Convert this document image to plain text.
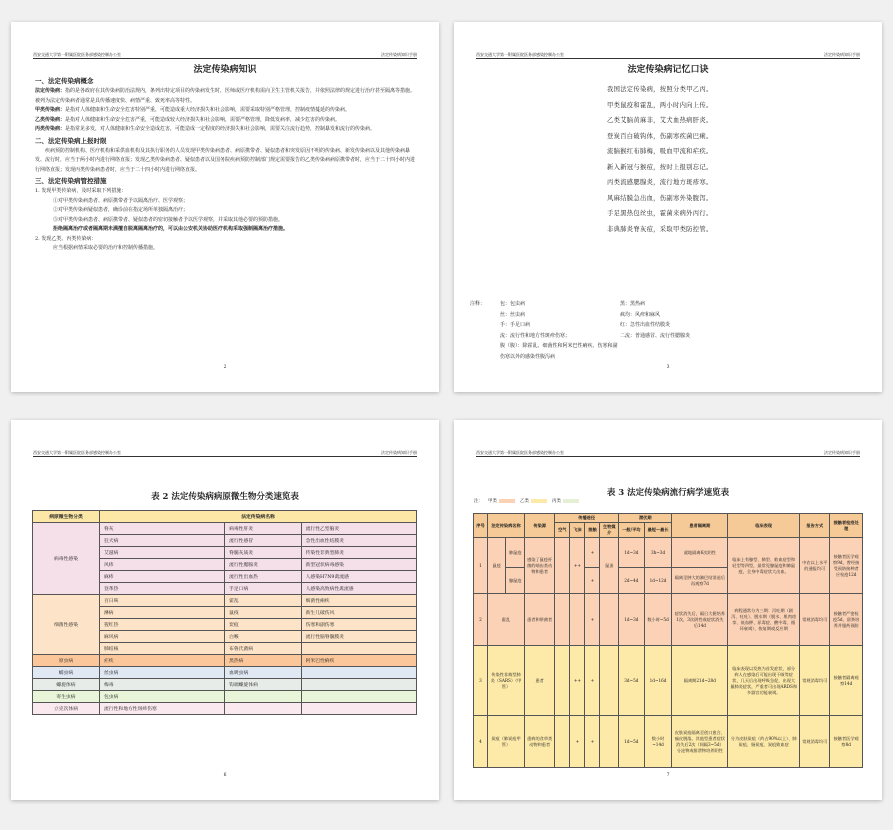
西安交通大学第一附属医院医务部感染控制办公室	法定传染病知识手册
法定传染病知识
一、法定传染病概念
法定传染病：指的是各政府在其传染病防治法规内，条列出特定项目的传染病发生时，医师或医疗机构需向卫生主管机关报告，并依照法律的规定进行治疗甚至隔离等措施。被列为法定传染病者通常是具传播速度快、病情严重、致死率高等特性。
甲类传染病：是指对人体健康和生命安全危害特别严重，可能造成重大经济损失和社会影响，需要采取特别严格管理，控制疫情蔓延的传染病。
乙类传染病：是指对人体健康和生命安全危害严重，可能造成较大经济损失和社会影响，需要严格管理，降低发病率，减少危害的传染病。
丙类传染病：是指常见多发，对人体健康和生命安全造成危害，可能造成一定程度的经济损失和社会影响，需要关注流行趋势，控制暴发和流行的传染病。
二、法定传染病上报时限
疾病预防控制机构、医疗机构和采供血机构及其执行职务的人员发现甲类传染病患者、病原携带者、疑似患者和突发原因不明的传染病、新发传染病以及其他传染病暴发、流行时，应当于两小时内进行网络直报；发现乙类传染病患者、疑似患者以及国务院疾病预防控制部门规定需要报告的乙类传染病病原携带者时，应当于二十四小时内进行网络直报；发现丙类传染病患者时，应当于二十四小时内进行网络直报。
三、法定传染病管控措施
1. 发现甲类传染病，及时采取下列措施：
①对甲类传染病患者、病原携带者予以隔离治疗、医学观察；
②对甲类传染病疑似患者，确诊前在指定场所单独隔离治疗；
③对甲类传染病患者、病原携带者、疑似患者的密切接触者予以医学观察，并采取其他必要的预防措施。
拒绝隔离治疗或者隔离期未满擅自脱离隔离治疗的，可以由公安机关协助医疗机构采取强制隔离治疗措施。
2. 发现乙类、丙类传染病：
应当根据病情采取必要的治疗和控制传播措施。
2
西安交通大学第一附属医院医务部感染控制办公室	法定传染病知识手册
法定传染病记忆口诀
我国法定传染病，按照分类甲乙丙。
甲类鼠疫和霍乱，两小时内向上传。
乙类艾脑黄麻非，艾犬血热病肝炎。
登炭百白破钩体，伤副寒疾菌巴痢。
流脑猴红布肺梅，吸血甲流和疟疾。
新入新冠与猴痘，按时上报别忘记。
丙类流感腮腺炎，流行地方斑疹寒。
风麻结膜急出血，伤副寒外染腹泻。
手足黑热包丝虫，霍菌来病外丙行。
非典肺炎脊灰痘，采取甲类防控管。
注释：	包：包虫病	黑：黑热病
丝：丝虫病	疯均：风疹和麻风
手：手足口病	红：急性出血性结膜炎
流：流行性和地方性斑疹伤寒；	二流：普通感冒、流行性腮腺炎
腹（腹）：除霍乱、细菌性和阿米巴性痢疾、伤寒和副伤寒以外的感染性腹泻病
3
西安交通大学第一附属医院医务部感染控制办公室	法定传染病知识手册
表 2 法定传染病病原微生物分类速览表
病原微生物分类	法定传染病名称		
病毒性感染	脊灰	病毒性肝炎	流行性乙型脑炎
	狂犬病	流行性感冒	急性出血性结膜炎
	艾滋病	脊髓灰质炎	传染性非典型肺炎
	风疹	流行性腮腺炎	新型冠状病毒感染
	麻疹	流行性出血热	人感染H7N9禽流感
	登革热	手足口病	人感染高致病性禽流感
细菌性感染	百日咳	霍乱	细菌性痢疾
	淋病	鼠疫	新生儿破伤风
	猩红热	炭疽	伤寒和副伤寒
	麻风病	白喉	流行性脑脊髓膜炎
	肺结核	布鲁氏菌病	
原虫病	疟疾	黑热病	阿米巴性痢疾
蠕虫病	丝虫病	血吸虫病	
螺旋体病	梅毒	钩端螺旋体病	
寄生虫病	包虫病		
立克次体病	流行性和地方性斑疹伤寒		
6
西安交通大学第一附属医院医务部感染控制办公室	法定传染病知识手册
表 3 法定传染病流行病学速览表
注： 甲类	乙类	丙类
序号	法定传染病名称		传染源	传播途径				潜伏期		患者隔离期	临床表现	报告方式	接触者检疫处理
				空气	飞沫	接触	生物媒介	一般/平均	最短～最长				
1	鼠疫	肺鼠疫	感染了鼠疫杆菌的啮齿类动物和患者		++	+	鼠蚤	1d~3d	3h~3d	就地隔离6次阴性	临床上有腺型、肺型、败血症型和轻型等四型，最常见腺鼠疫和肺鼠疫，全身中毒症状大出血。	中农以上水平的通报均可	接触者医学观察9d，曾经接受预防接种者应检疫12d
		腺鼠疫				+		2d~4d	1d~12d	隔离至肿大的淋巴结消退后再观察7d			
2	霍乱		患者和带菌者			+		1d~3d	数小时~5d	症状消失后，隔日大便培养1次，3次阴性或症状消失后14d	病程通常分为三期：泻吐期（剧泻、吐吐）、脱水期（脱水、肌肉痉挛、低血钾、尿毒症、酸中毒、循环衰竭）、恢复期或反应期	常规消毒均可	接触者严密检疫5d，留粪培养并服药预防
3	传染性非典型肺炎（SARS）（甲管）		患者		++	+		3d~5d	1d~16d	隔离期21d~28d	临床表现以发热为首发症状，部分病人在感染后可能出现干咳等症状，几天后出现呼吸急促，出现大量肺炎症状，严重者可出现ARDS和多器官功能衰竭。	常规消毒均可	接触者隔离观察14d
4	炭疽（肺炭疽甲管）		患病的食草类动物和患者		+	+		1d~5d	数小时~14d	皮肤炭疽隔离至创口愈合、痂皮脱落，其他型患者症状消失后2次（间隔3~5d）分泌物或排泄物培养阴性	分为皮肤炭疽（约占90%以上）、肺炭疽、肠炭疽、炭疽败血症	常规消毒均可	接触者医学观察8d
7
